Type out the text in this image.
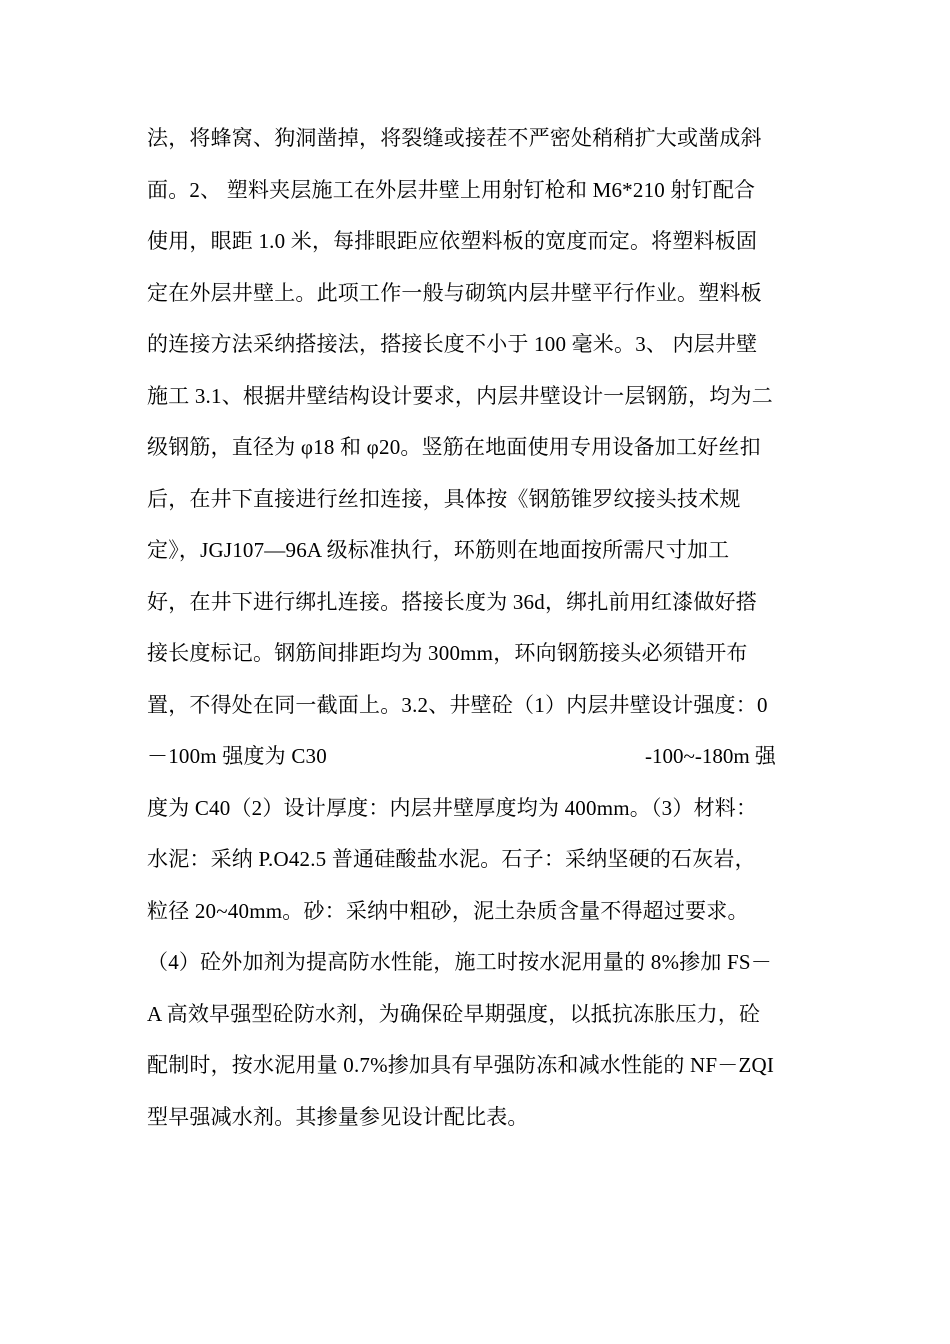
法，将蜂窝、狗洞凿掉，将裂缝或接茬不严密处稍稍扩大或凿成斜
面。2、 塑料夹层施工在外层井壁上用射钉枪和 M6*210 射钉配合
使用，眼距 1.0 米，每排眼距应依塑料板的宽度而定。将塑料板固
定在外层井壁上。此项工作一般与砌筑内层井壁平行作业。塑料板
的连接方法采纳搭接法，搭接长度不小于 100 毫米。3、 内层井壁
施工 3.1、根据井壁结构设计要求，内层井壁设计一层钢筋，均为二
级钢筋，直径为 φ18 和 φ20。竖筋在地面使用专用设备加工好丝扣
后，在井下直接进行丝扣连接，具体按《钢筋锥罗纹接头技术规
定》，JGJ107—96A 级标准执行，环筋则在地面按所需尺寸加工
好，在井下进行绑扎连接。搭接长度为 36d，绑扎前用红漆做好搭
接长度标记。钢筋间排距均为 300mm，环向钢筋接头必须错开布
置，不得处在同一截面上。3.2、井壁砼（1）内层井壁设计强度：0
－100m 强度为 C30	-100~-180m 强
度为 C40（2）设计厚度：内层井壁厚度均为 400mm。（3）材料：
水泥：采纳 P.O42.5 普通硅酸盐水泥。石子：采纳坚硬的石灰岩，
粒径 20~40mm。砂：采纳中粗砂，泥土杂质含量不得超过要求。
（4）砼外加剂为提高防水性能，施工时按水泥用量的 8%掺加 FS－
A 高效早强型砼防水剂，为确保砼早期强度，以抵抗冻胀压力，砼
配制时，按水泥用量 0.7%掺加具有早强防冻和减水性能的 NF－ZQI
型早强减水剂。其掺量参见设计配比表。
